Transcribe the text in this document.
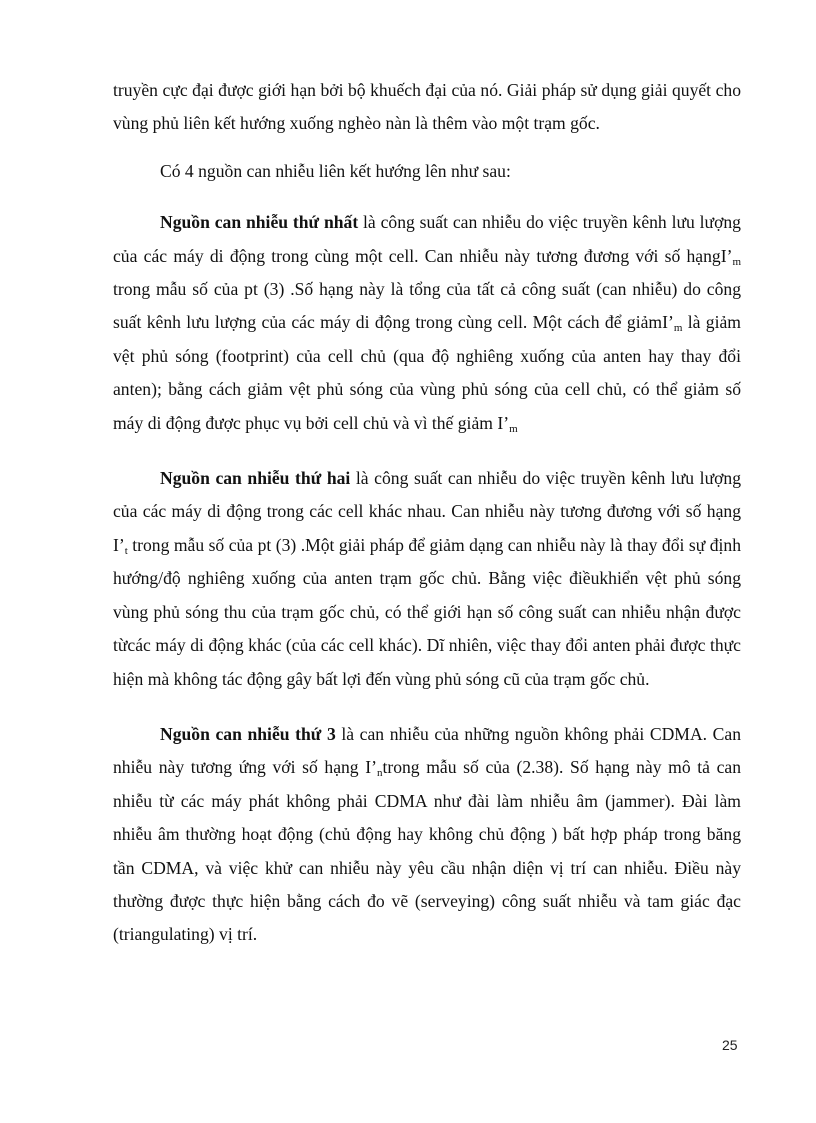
truyền cực đại được giới hạn bởi bộ khuếch đại của nó. Giải pháp sử dụng giải quyết cho vùng phủ liên kết hướng xuống nghèo nàn là thêm vào một trạm gốc.

Có 4 nguồn can nhiễu liên kết hướng lên như sau:

Nguồn can nhiễu thứ nhất là công suất can nhiễu do việc truyền kênh lưu lượng của các máy di động trong cùng một cell. Can nhiễu này tương đương với số $hạngI’_m$ trong mẫu số của pt (3) .Số hạng này là tổng của tất cả công suất (can nhiễu) do công suất kênh lưu lượng của các máy di động trong cùng cell. Một cách để $giảmI’_m$ là giảm vệt phủ sóng (footprint) của cell chủ (qua độ nghiêng xuống của anten hay thay đổi anten); bằng cách giảm vệt phủ sóng của vùng phủ sóng của cell chủ, có thể giảm số máy di động được phục vụ bởi cell chủ và vì thế giảm $I’_m$

Nguồn can nhiễu thứ hai là công suất can nhiễu do việc truyền kênh lưu lượng của các máy di động trong các cell khác nhau. Can nhiễu này tương đương với số hạng $I’_t$ trong mẫu số của pt (3) .Một giải pháp để giảm dạng can nhiễu này là thay đổi sự định hướng/độ nghiêng xuống của anten trạm gốc chủ. Bằng việc điềukhiển vệt phủ sóng vùng phủ sóng thu của trạm gốc chủ, có thể giới hạn số công suất can nhiễu nhận được từcác máy di động khác (của các cell khác). Dĩ nhiên, việc thay đổi anten phải được thực hiện mà không tác động gây bất lợi đến vùng phủ sóng cũ của trạm gốc chủ.

Nguồn can nhiễu thứ 3 là can nhiễu của những nguồn không phải CDMA. Can nhiễu này tương ứng với số hạng $I’_ntrong$ mẫu số của (2.38). Số hạng này mô tả can nhiễu từ các máy phát không phải CDMA như đài làm nhiễu âm (jammer). Đài làm nhiễu âm thường hoạt động (chủ động hay không chủ động ) bất hợp pháp trong băng tần CDMA, và việc khử can nhiễu này yêu cầu nhận diện vị trí can nhiễu. Điều này thường được thực hiện bằng cách đo vẽ (serveying) công suất nhiễu và tam giác đạc (triangulating) vị trí.

25
